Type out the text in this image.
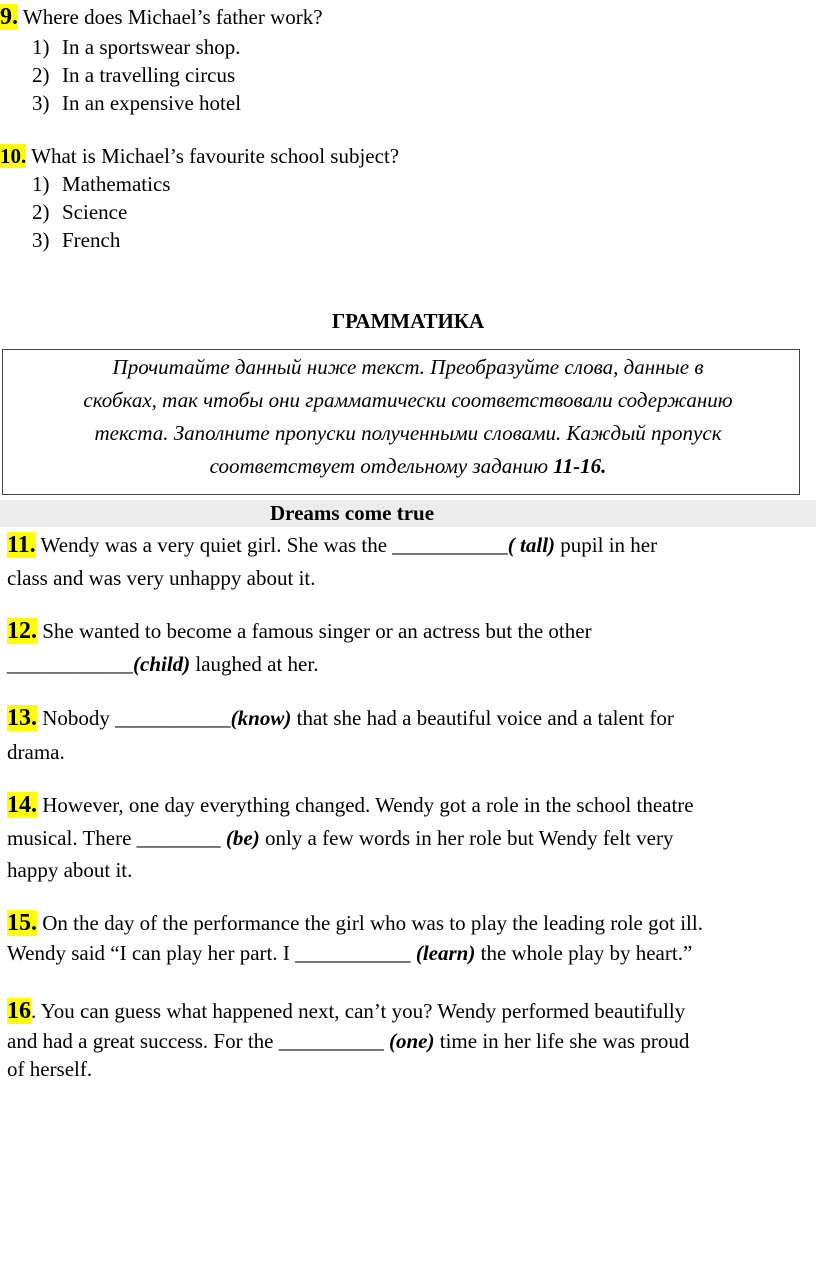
9. Where does Michael’s father work?
1) In a sportswear shop.
2) In a travelling circus
3) In an expensive hotel
10. What is Michael’s favourite school subject?
1) Mathematics
2) Science
3) French
ГРАММАТИКА
Прочитайте данный ниже текст. Преобразуйте слова, данные в
скобках, так чтобы они грамматически соответствовали содержанию
текста. Заполните пропуски полученными словами. Каждый пропуск
соответствует отдельному заданию 11-16.
Dreams come true
11. Wendy was a very quiet girl. She was the ___________( tall) pupil in her
class and was very unhappy about it.
12. She wanted to become a famous singer or an actress but the other
____________(child) laughed at her.
13. Nobody ___________(know) that she had a beautiful voice and a talent for
drama.
14. However, one day everything changed. Wendy got a role in the school theatre
musical. There ________ (be) only a few words in her role but Wendy felt very
happy about it.
15. On the day of the performance the girl who was to play the leading role got ill.
Wendy said “I can play her part. I ___________ (learn) the whole play by heart.”
16. You can guess what happened next, can’t you? Wendy performed beautifully
and had a great success. For the __________ (one) time in her life she was proud
of herself.
